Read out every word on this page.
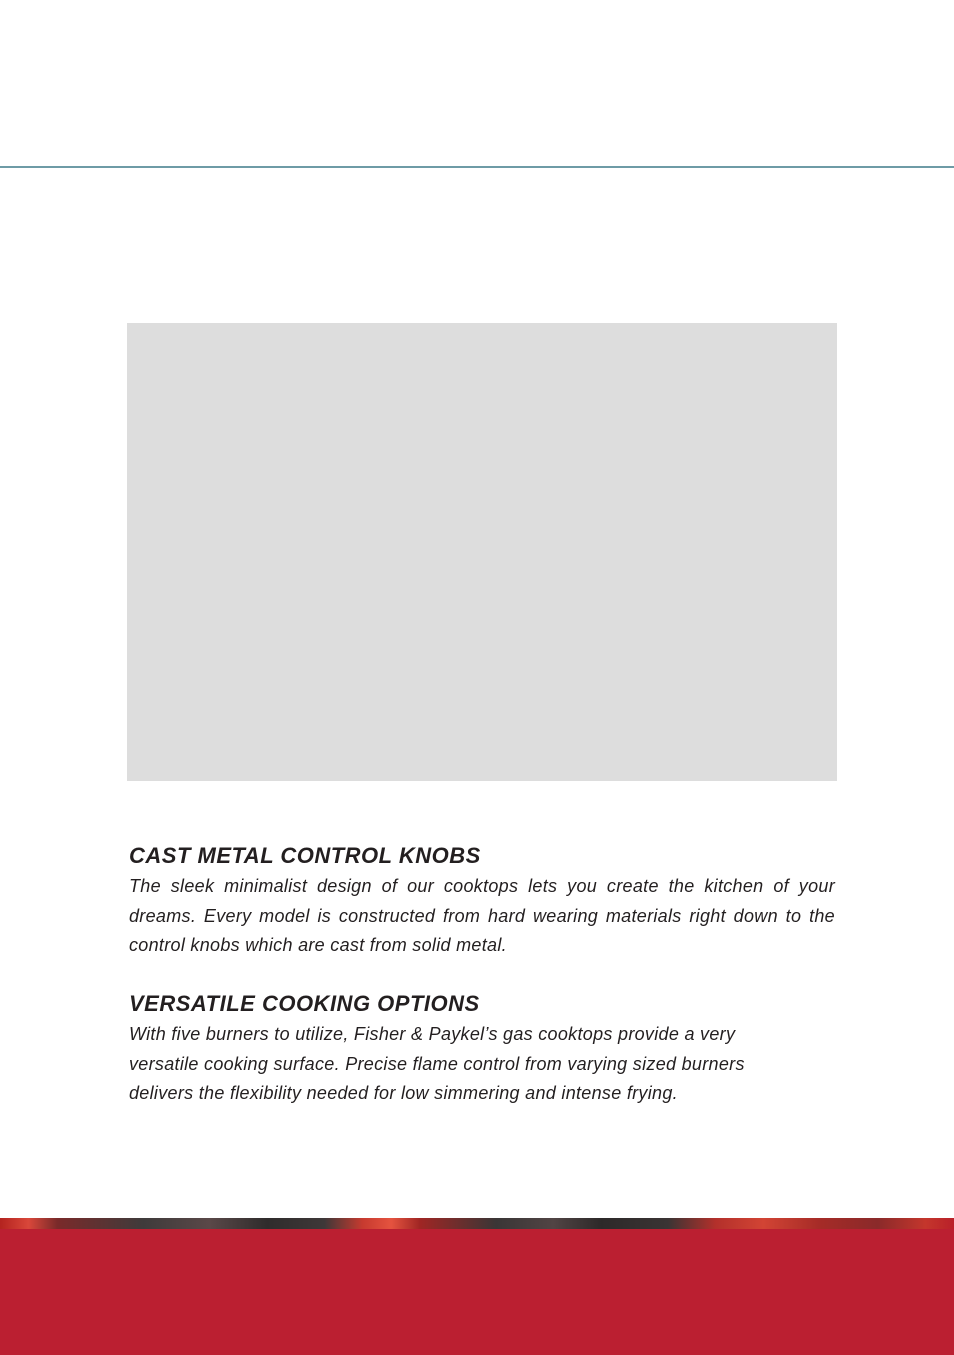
CAST METAL CONTROL KNOBS

The sleek minimalist design of our cooktops lets you create the kitchen of your dreams. Every model is constructed from hard wearing materials right down to the control knobs which are cast from solid metal.

VERSATILE COOKING OPTIONS

With five burners to utilize, Fisher & Paykel’s gas cooktops provide a very
versatile cooking surface. Precise flame control from varying sized burners
delivers the flexibility needed for low simmering and intense frying.
